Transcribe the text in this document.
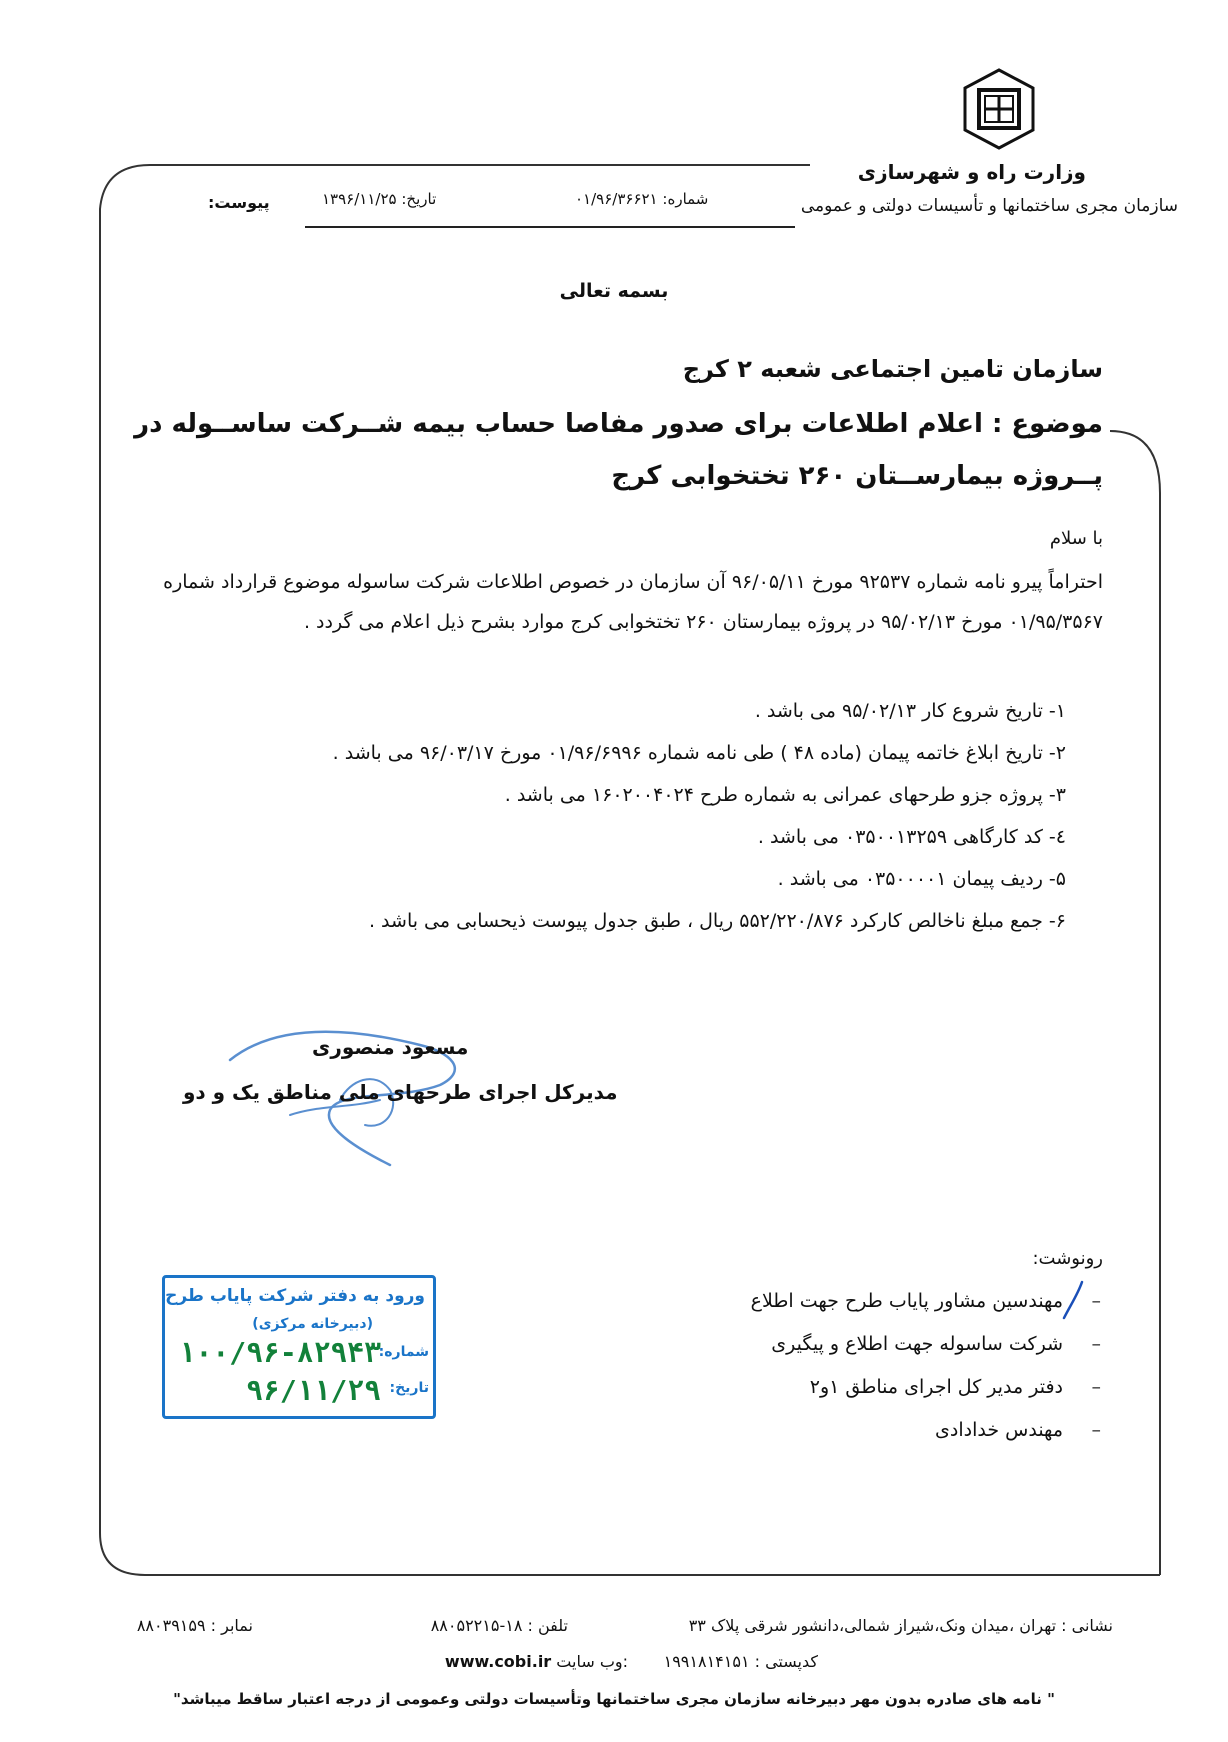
وزارت راه و شهرسازی
سازمان مجری ساختمانها و تأسیسات دولتی و عمومی
شماره: ۰۱/۹۶/۳۶۶۲۱
تاریخ: ۱۳۹۶/۱۱/۲۵
پیوست:
بسمه تعالی
سازمان تامین اجتماعی شعبه ۲ کرج
موضوع : اعلام اطلاعات برای صدور مفاصا حساب بیمه شــرکت ساســوله در پــروژه بیمارســتان ۲۶۰ تختخوابی کرج
با سلام
احتراماً پیرو نامه شماره ۹۲۵۳۷ مورخ ۹۶/۰۵/۱۱ آن سازمان در خصوص اطلاعات شرکت ساسوله موضوع قرارداد شماره ۰۱/۹۵/۳۵۶۷ مورخ ۹۵/۰۲/۱۳ در پروژه بیمارستان ۲۶۰ تختخوابی کرج موارد بشرح ذیل اعلام می گردد .
۱- تاریخ شروع کار ۹۵/۰۲/۱۳ می باشد .
۲- تاریخ ابلاغ خاتمه پیمان (ماده ۴۸ ) طی نامه شماره ۰۱/۹۶/۶۹۹۶ مورخ ۹۶/۰۳/۱۷ می باشد .
۳- پروژه جزو طرحهای عمرانی به شماره طرح ۱۶۰۲۰۰۴۰۲۴ می باشد .
٤- کد کارگاهی ۰۳۵۰۰۱۳۲۵۹ می باشد .
۵- ردیف پیمان ۰۳۵۰۰۰۰۱ می باشد .
۶- جمع مبلغ ناخالص کارکرد ۵۵۲/۲۲۰/۸۷۶ ریال ، طبق جدول پیوست ذیحسابی می باشد .
مسعود منصوری
مدیرکل اجرای طرحهای ملی مناطق یک و دو
رونوشت:
مهندسین مشاور پایاب طرح جهت اطلاع –
شرکت ساسوله جهت اطلاع و پیگیری –
دفتر مدیر کل اجرای مناطق ۱و۲ –
مهندس خدادادی –
ورود به دفتر شرکت پایاب طرح
(دبیرخانه مرکزی)
شماره:
۱۰۰/۹۶-۸۲۹۴۳
تاریخ:
۹۶/۱۱/۲۹
نشانی : تهران ،میدان ونک،شیراز شمالی،دانشور شرقی پلاک ۳۳
تلفن : ۱۸-۸۸۰۵۲۲۱۵
نمابر : ۸۸۰۳۹۱۵۹
کدپستی : ۱۹۹۱۸۱۴۱۵۱
www.cobi.ir وب سایت:
" نامه های صادره بدون مهر دبیرخانه سازمان مجری ساختمانها وتأسیسات دولتی وعمومی از درجه اعتبار ساقط میباشد"
